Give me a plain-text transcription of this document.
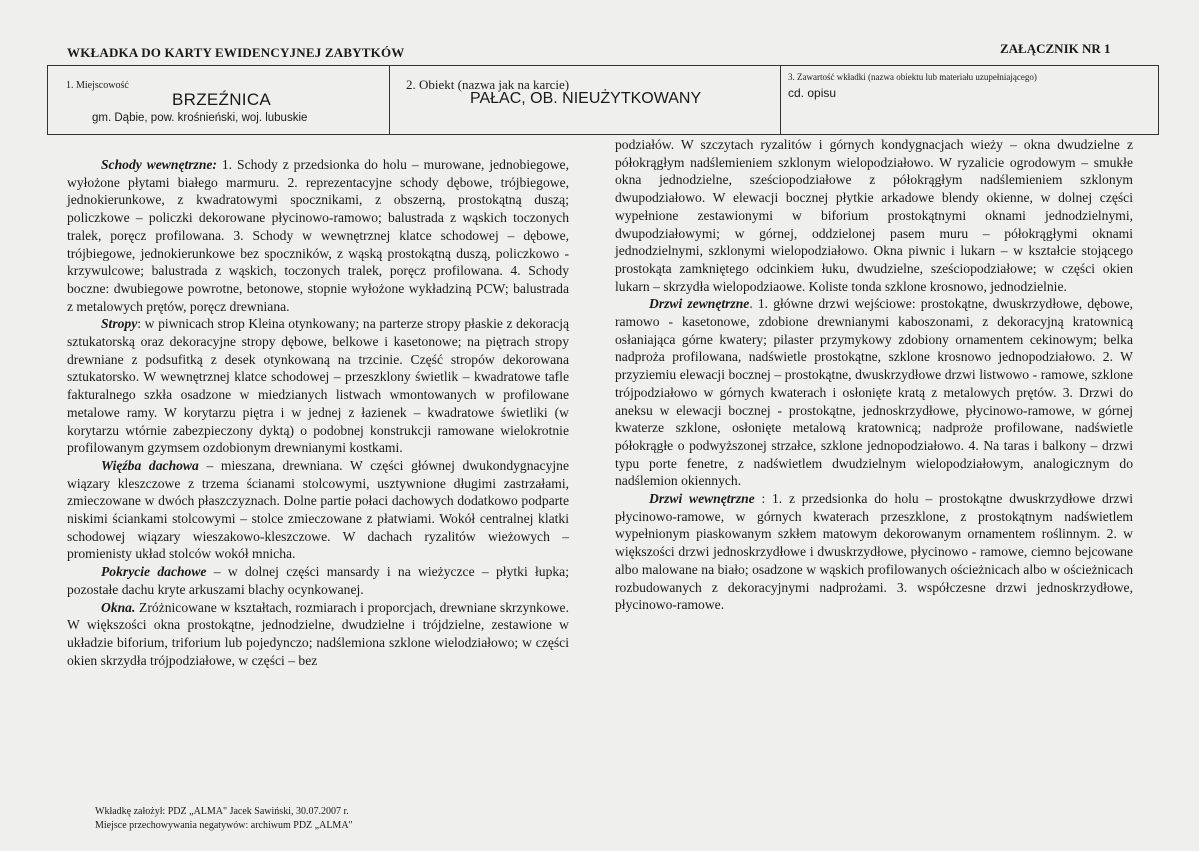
WKŁADKA DO KARTY EWIDENCYJNEJ ZABYTKÓW	ZAŁĄCZNIK NR 1
1. Miejscowość
BRZEŹNICA
gm. Dąbie, pow. krośnieński, woj. lubuskie
2. Obiekt (nazwa jak na karcie)
PAŁAC, OB. NIEUŻYTKOWANY
3. Zawartość wkładki (nazwa obiektu lub materiału uzupełniającego)
cd. opisu

Schody wewnętrzne: 1. Schody z przedsionka do holu – murowane, jednobiegowe, wyłożone płytami białego marmuru. 2. reprezentacyjne schody dębowe, trójbiegowe, jednokierunkowe, z kwadratowymi spocznikami, z obszerną, prostokątną duszą; policzkowe – policzki dekorowane płycinowo-ramowo; balustrada z wąskich toczonych tralek, poręcz profilowana. 3. Schody w wewnętrznej klatce schodowej – dębowe, trójbiegowe, jednokierunkowe bez spoczników, z wąską prostokątną duszą, policzkowo - krzywulcowe; balustrada z wąskich, toczonych tralek, poręcz profilowana. 4. Schody boczne: dwubiegowe powrotne, betonowe, stopnie wyłożone wykładziną PCW; balustrada z metalowych prętów, poręcz drewniana.

Stropy: w piwnicach strop Kleina otynkowany; na parterze stropy płaskie z dekoracją sztukatorską oraz dekoracyjne stropy dębowe, belkowe i kasetonowe; na piętrach stropy drewniane z podsufitką z desek otynkowaną na trzcinie. Część stropów dekorowana sztukatorsko. W wewnętrznej klatce schodowej – przeszklony świetlik – kwadratowe tafle fakturalnego szkła osadzone w miedzianych listwach wmontowanych w profilowane metalowe ramy. W korytarzu piętra i w jednej z łazienek – kwadratowe świetliki (w korytarzu wtórnie zabezpieczony dyktą) o podobnej konstrukcji ramowane wielokrotnie profilowanym gzymsem ozdobionym drewnianymi kostkami.

Więźba dachowa – mieszana, drewniana. W części głównej dwukondygnacyjne wiązary kleszczowe z trzema ścianami stolcowymi, usztywnione długimi zastrzałami, zmieczowane w dwóch płaszczyznach. Dolne partie połaci dachowych dodatkowo podparte niskimi ściankami stolcowymi – stolce zmieczowane z płatwiami. Wokół centralnej klatki schodowej wiązary wieszakowo-kleszczowe. W dachach ryzalitów wieżowych – promienisty układ stolców wokół mnicha.

Pokrycie dachowe – w dolnej części mansardy i na wieżyczce – płytki łupka; pozostałe dachu kryte arkuszami blachy ocynkowanej.

Okna. Zróżnicowane w kształtach, rozmiarach i proporcjach, drewniane skrzynkowe. W większości okna prostokątne, jednodzielne, dwudzielne i trójdzielne, zestawione w układzie biforium, triforium lub pojedynczo; nadślemiona szklone wielodziałowo; w części okien skrzydła trójpodziałowe, w części – bez

podziałów. W szczytach ryzalitów i górnych kondygnacjach wieży – okna dwudzielne z półokrągłym nadślemieniem szklonym wielopodziałowo. W ryzalicie ogrodowym – smukłe okna jednodzielne, sześciopodziałowe z półokrągłym nadślemieniem szklonym dwupodziałowo. W elewacji bocznej płytkie arkadowe blendy okienne, w dolnej części wypełnione zestawionymi w biforium prostokątnymi oknami jednodzielnymi, dwupodziałowymi; w górnej, oddzielonej pasem muru – półokrągłymi oknami jednodzielnymi, szklonymi wielopodziałowo. Okna piwnic i lukarn – w kształcie stojącego prostokąta zamkniętego odcinkiem łuku, dwudzielne, sześciopodziałowe; w części okien lukarn – skrzydła wielopodziaowe. Koliste tonda szklone krosnowo, jednodzielnie.

Drzwi zewnętrzne. 1. główne drzwi wejściowe: prostokątne, dwuskrzydłowe, dębowe, ramowo - kasetonowe, zdobione drewnianymi kaboszonami, z dekoracyjną kratownicą osłaniająca górne kwatery; pilaster przymykowy zdobiony ornamentem cekinowym; belka nadproża profilowana, nadświetle prostokątne, szklone krosnowo jednopodziałowo. 2. W przyziemiu elewacji bocznej – prostokątne, dwuskrzydłowe drzwi listwowo - ramowe, szklone trójpodziałowo w górnych kwaterach i osłonięte kratą z metalowych prętów. 3. Drzwi do aneksu w elewacji bocznej - prostokątne, jednoskrzydłowe, płycinowo-ramowe, w górnej kwaterze szklone, osłonięte metalową kratownicą; nadproże profilowane, nadświetle półokrągłe o podwyższonej strzałce, szklone jednopodziałowo. 4. Na taras i balkony – drzwi typu porte fenetre, z nadświetlem dwudzielnym wielopodziałowym, analogicznym do nadślemion okiennych.

Drzwi wewnętrzne : 1. z przedsionka do holu – prostokątne dwuskrzydłowe drzwi płycinowo-ramowe, w górnych kwaterach przeszklone, z prostokątnym nadświetlem wypełnionym piaskowanym szkłem matowym dekorowanym ornamentem roślinnym. 2. w większości drzwi jednoskrzydłowe i dwuskrzydłowe, płycinowo - ramowe, ciemno bejcowane albo malowane na biało; osadzone w wąskich profilowanych ościeżnicach albo w ościeżnicach rozbudowanych z dekoracyjnymi nadprożami. 3. współczesne drzwi jednoskrzydłowe, płycinowo-ramowe.

Wkładkę założył: PDZ „ALMA" Jacek Sawiński, 30.07.2007 r.
Miejsce przechowywania negatywów: archiwum PDZ „ALMA"
